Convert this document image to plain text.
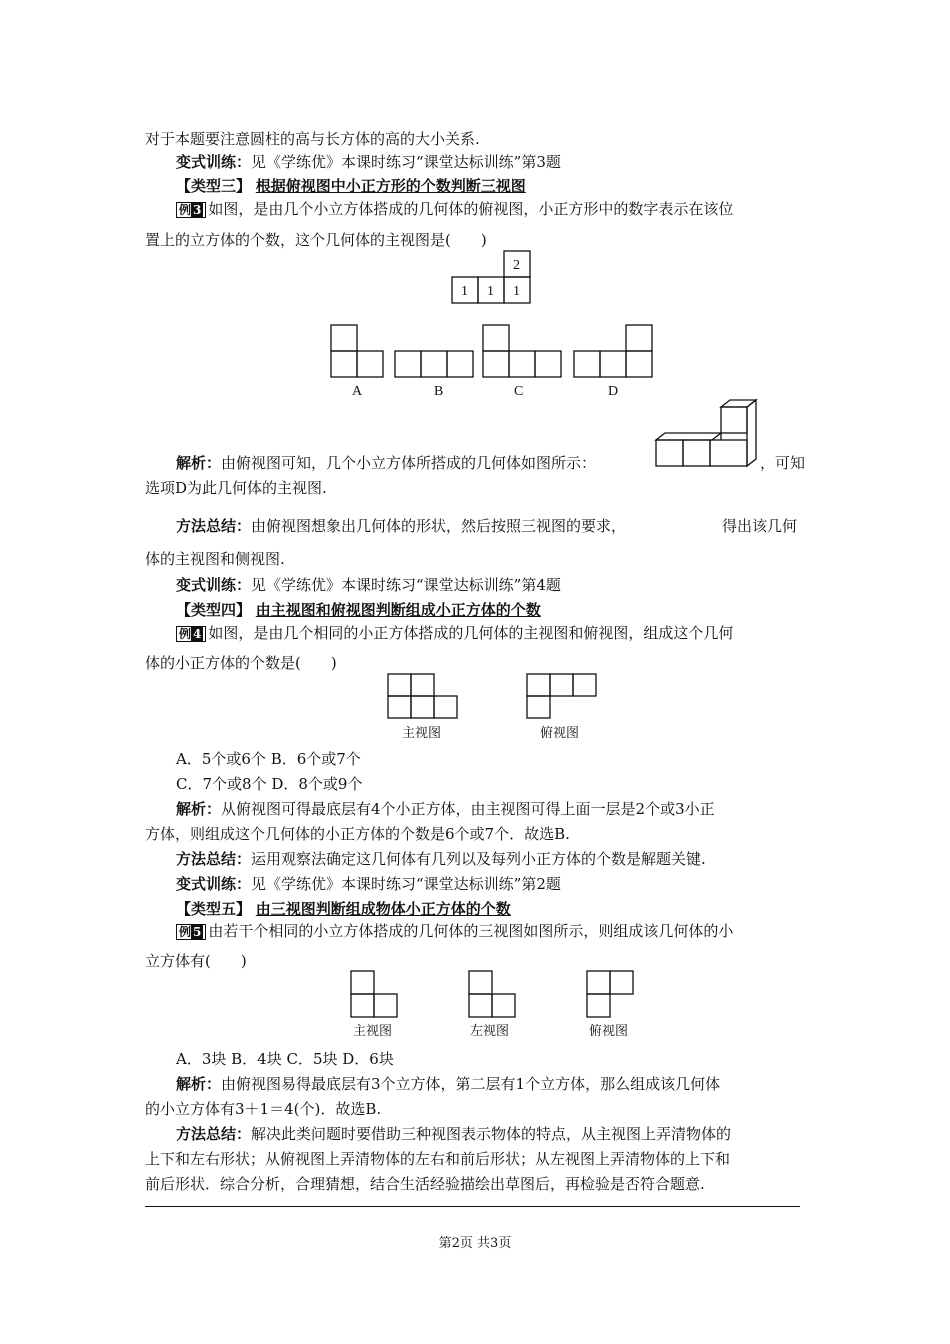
对于本题要注意圆柱的高与长方体的高的大小关系.
变式训练：见《学练优》本课时练习“课堂达标训练”第3题
【类型三】 根据俯视图中小正方形的个数判断三视图
例 3 如图，是由几个小立方体搭成的几何体的俯视图，小正方形中的数字表示在该位
置上的立方体的个数，这个几何体的主视图是(　　)
2
1 1 1
A	B	C	D
解析：由俯视图可知，几个小立方体所搭成的几何体如图所示：	，可知
选项D为此几何体的主视图.
方法总结：由俯视图想象出几何体的形状，然后按照三视图的要求，	得出该几何
体的主视图和侧视图.
变式训练：见《学练优》本课时练习“课堂达标训练”第4题
【类型四】 由主视图和俯视图判断组成小正方体的个数
例 4 如图，是由几个相同的小正方体搭成的几何体的主视图和俯视图，组成这个几何
体的小正方体的个数是(　　)
主视图	俯视图
A．5个或6个 B．6个或7个
C．7个或8个 D．8个或9个
解析：从俯视图可得最底层有4个小正方体，由主视图可得上面一层是2个或3小正
方体，则组成这个几何体的小正方体的个数是6个或7个．故选B.
方法总结：运用观察法确定这几何体有几列以及每列小正方体的个数是解题关键.
变式训练：见《学练优》本课时练习“课堂达标训练”第2题
【类型五】 由三视图判断组成物体小正方体的个数
例 5 由若干个相同的小立方体搭成的几何体的三视图如图所示，则组成该几何体的小
立方体有(　　)
主视图	左视图	俯视图
A．3块 B．4块 C．5块 D．6块
解析：由俯视图易得最底层有3个立方体，第二层有1个立方体，那么组成该几何体
的小立方体有3＋1＝4(个)．故选B.
方法总结：解决此类问题时要借助三种视图表示物体的特点，从主视图上弄清物体的
上下和左右形状；从俯视图上弄清物体的左右和前后形状；从左视图上弄清物体的上下和
前后形状．综合分析，合理猜想，结合生活经验描绘出草图后，再检验是否符合题意.
第2页 共3页
